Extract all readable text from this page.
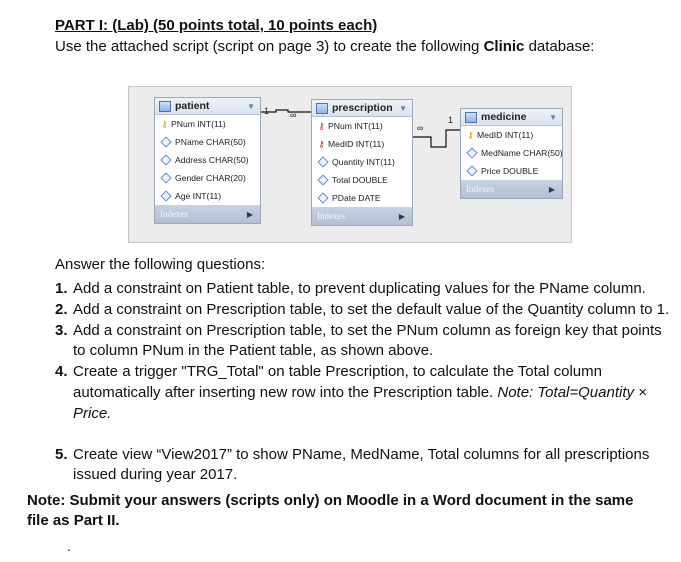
PART I: (Lab) (50 points total, 10 points each)
Use the attached script (script on page 3) to create the following Clinic database:
1 ∞	1
∞
patient	▼
⚷ PNum INT(11)
PName CHAR(50)
Address CHAR(50)
Gender CHAR(20)
Age INT(11)
Indexes	▶
prescription ▼
⚷ PNum INT(11)
⚷ MedID INT(11)
Quantity INT(11)
Total DOUBLE
PDate DATE
Indexes	▶
medicine	▼
⚷ MedID INT(11)
MedName CHAR(50)
Price DOUBLE
Indexes	▶
Answer the following questions:
1. Add a constraint on Patient table, to prevent duplicating values for the PName column.
2. Add a constraint on Prescription table, to set the default value of the Quantity column to 1.
3. Add a constraint on Prescription table, to set the PNum column as foreign key that points to column PNum in the Patient table, as shown above.
4. Create a trigger "TRG_Total" on table Prescription, to calculate the Total column automatically after inserting new row into the Prescription table. Note: Total=Quantity × Price.
5. Create view “View2017” to show PName, MedName, Total columns for all prescriptions issued during year 2017.
Note: Submit your answers (scripts only) on Moodle in a Word document in the same file as Part II.
.
